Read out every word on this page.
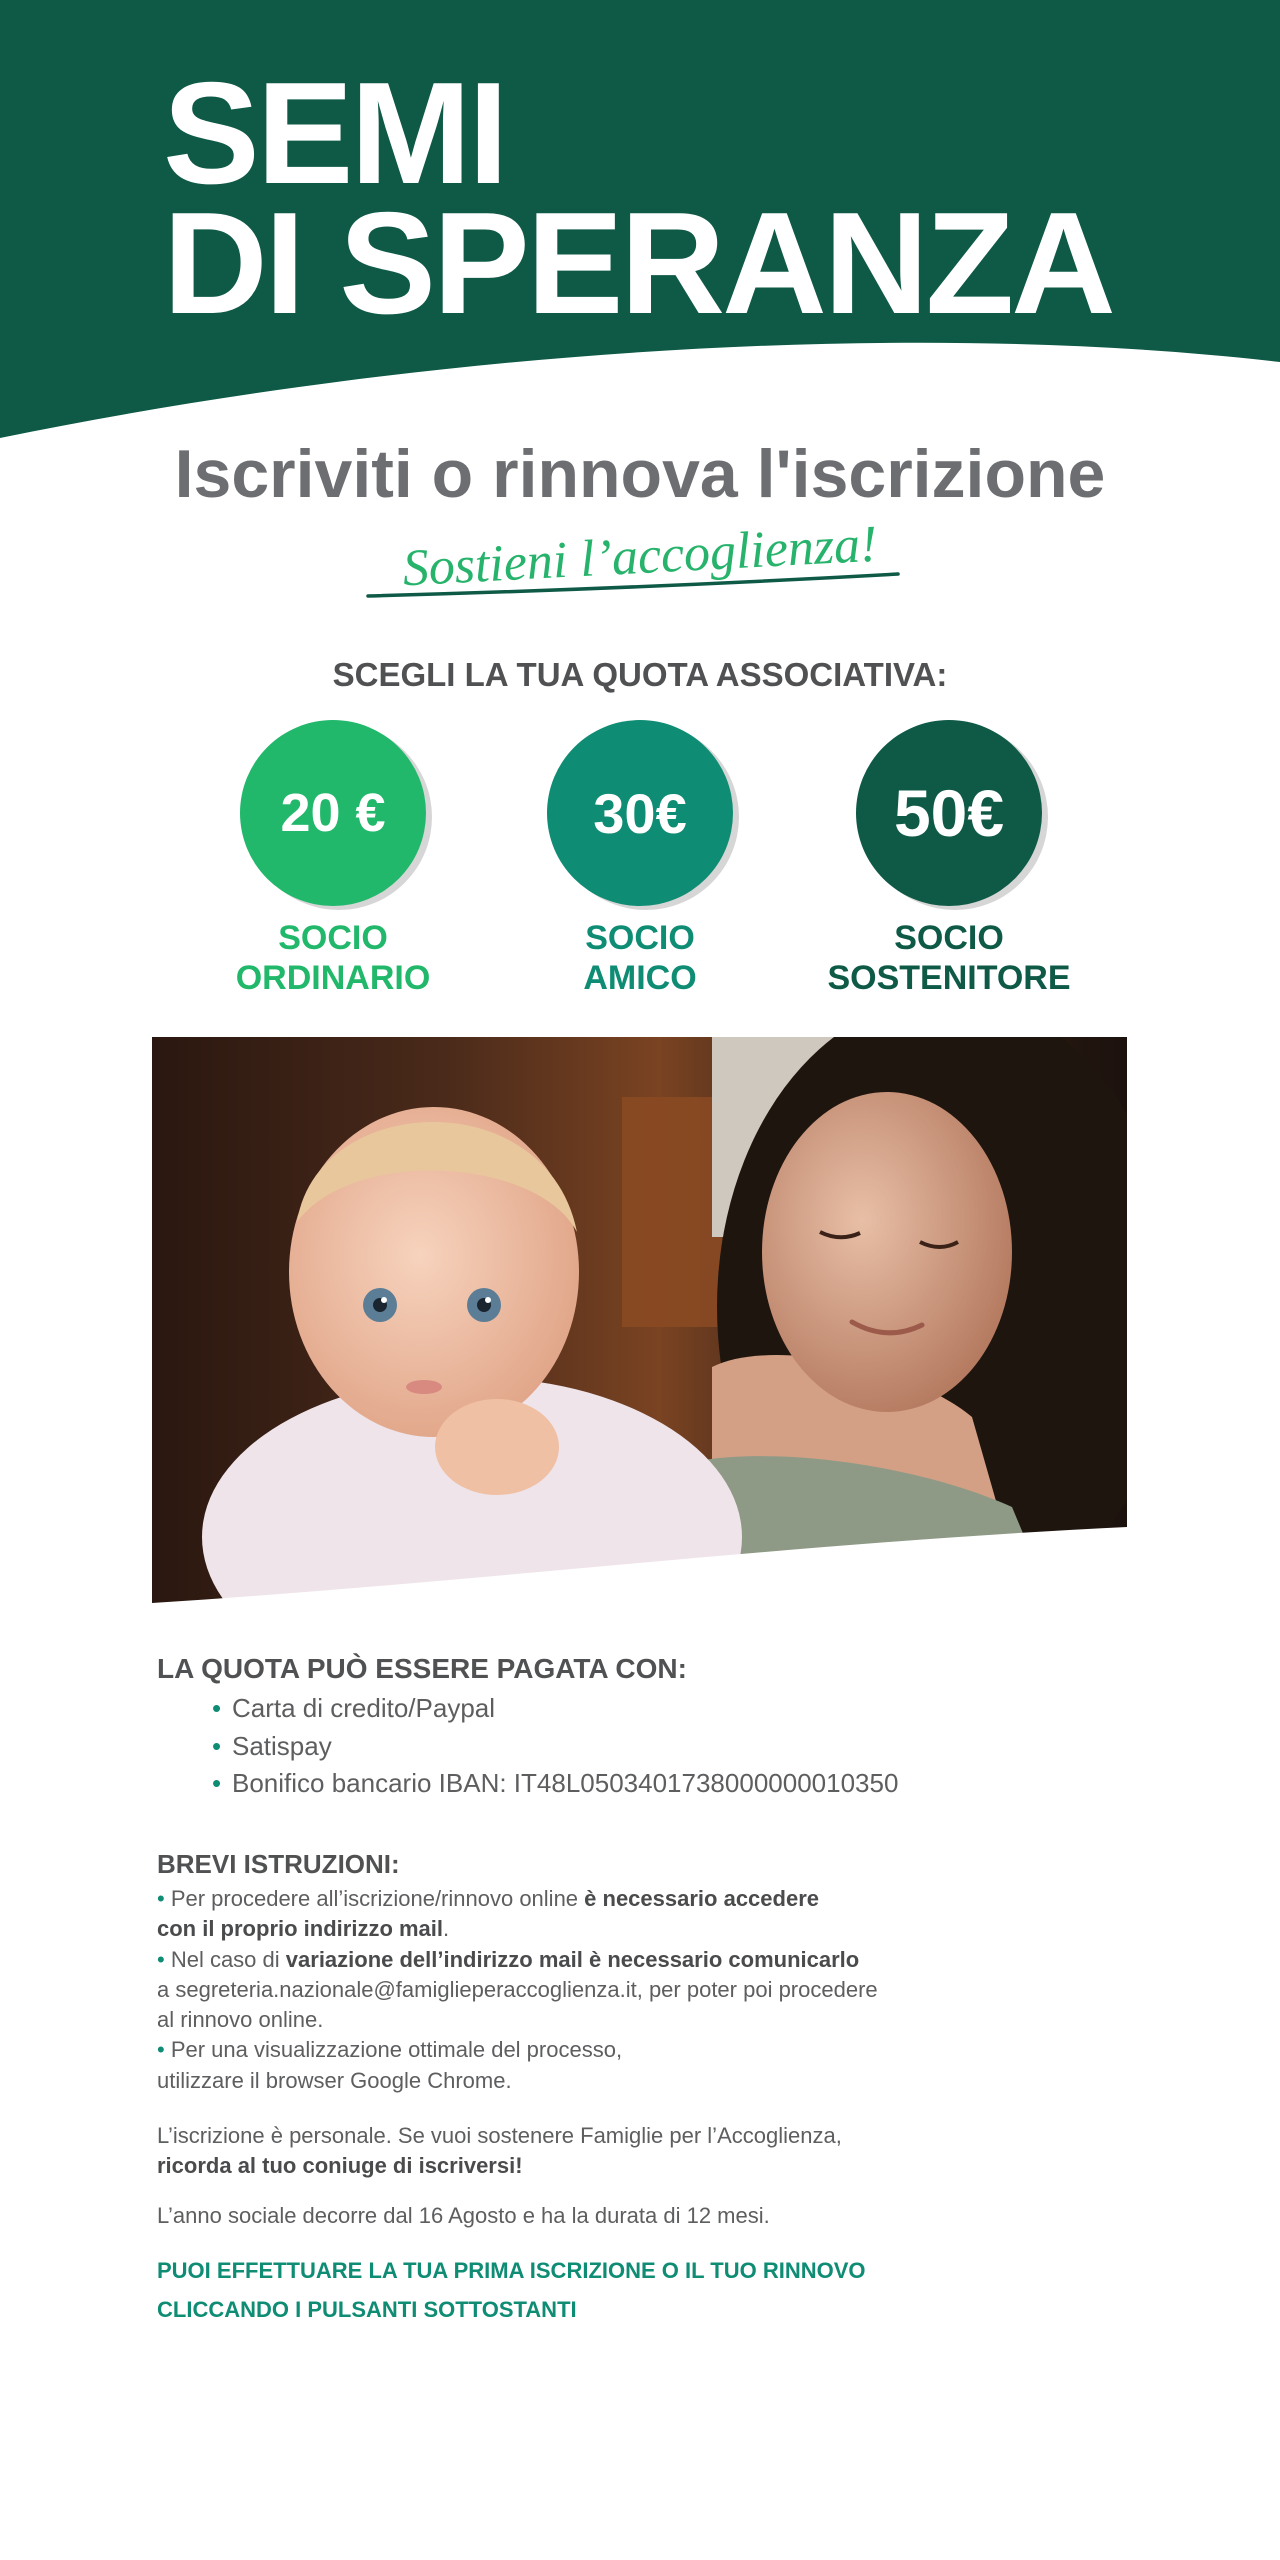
SEMI
DI SPERANZA
Iscriviti o rinnova l'iscrizione
Sostieni l’accoglienza!
SCEGLI LA TUA QUOTA ASSOCIATIVA:
20 €	30€	50€
SOCIO
ORDINARIO
SOCIO
AMICO
SOCIO
SOSTENITORE
LA QUOTA PUÒ ESSERE PAGATA CON:
• Carta di credito/Paypal
• Satispay
• Bonifico bancario IBAN: IT48L0503401738000000010350
BREVI ISTRUZIONI:
• Per procedere all’iscrizione/rinnovo online è necessario accedere
con il proprio indirizzo mail.
• Nel caso di variazione dell’indirizzo mail è necessario comunicarlo
a segreteria.nazionale@famiglieperaccoglienza.it, per poter poi procedere
al rinnovo online.
• Per una visualizzazione ottimale del processo,
utilizzare il browser Google Chrome.
L’iscrizione è personale. Se vuoi sostenere Famiglie per l’Accoglienza,
ricorda al tuo coniuge di iscriversi!
L’anno sociale decorre dal 16 Agosto e ha la durata di 12 mesi.
PUOI EFFETTUARE LA TUA PRIMA ISCRIZIONE O IL TUO RINNOVO
CLICCANDO I PULSANTI SOTTOSTANTI
